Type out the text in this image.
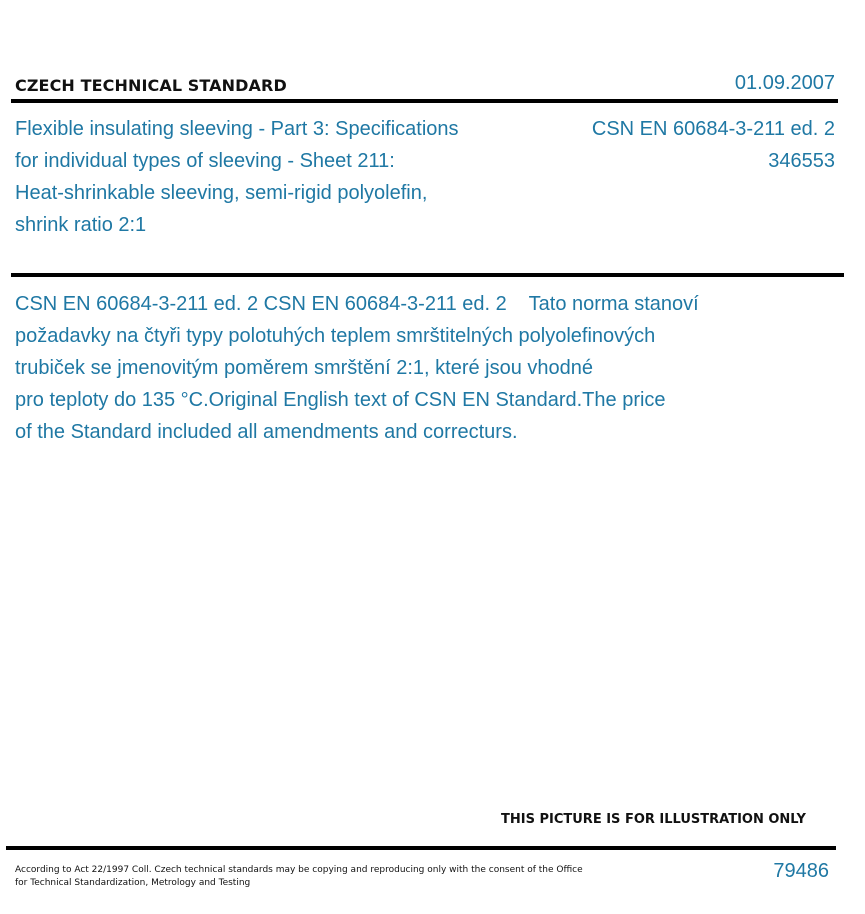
CZECH TECHNICAL STANDARD	01.09.2007
Flexible insulating sleeving - Part 3: Specifications
for individual types of sleeving - Sheet 211:
Heat-shrinkable sleeving, semi-rigid polyolefin,
shrink ratio 2:1
CSN EN 60684-3-211 ed. 2
346553
CSN EN 60684-3-211 ed. 2 CSN EN 60684-3-211 ed. 2    Tato norma stanoví
požadavky na čtyři typy polotuhých teplem smrštitelných polyolefinových
trubiček se jmenovitým poměrem smrštění 2:1, které jsou vhodné
pro teploty do 135 °C.Original English text of CSN EN Standard.The price
of the Standard included all amendments and correcturs.
THIS PICTURE IS FOR ILLUSTRATION ONLY
According to Act 22/1997 Coll. Czech technical standards may be copying and reproducing only with the consent of the Office
for Technical Standardization, Metrology and Testing
79486
